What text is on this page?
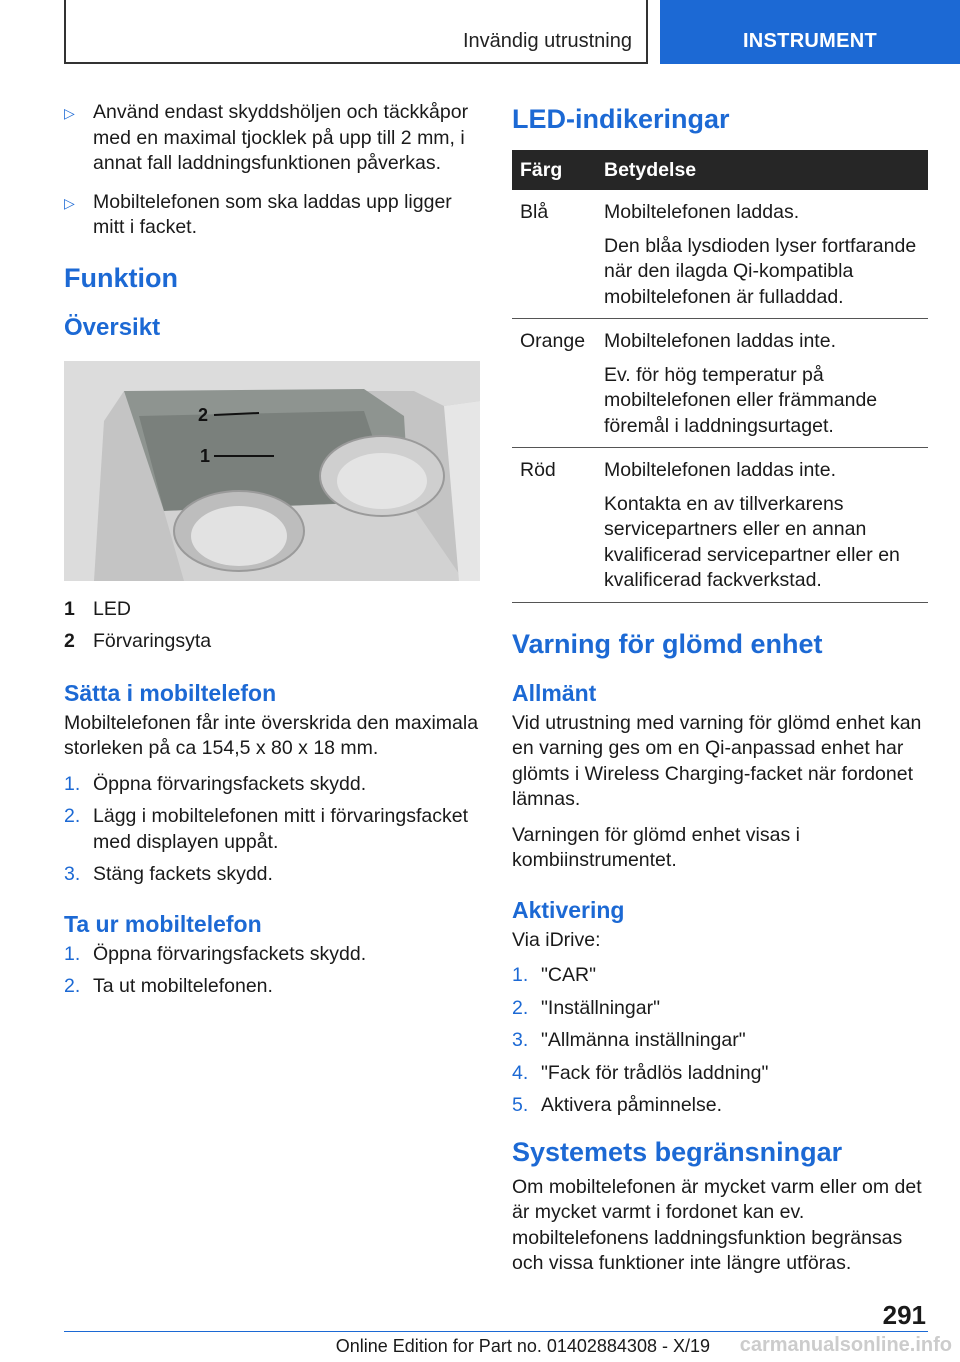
Invändig utrustning	INSTRUMENT
▷ Använd endast skyddshöljen och täckkåpor med en maximal tjocklek på upp till 2 mm, i annat fall laddningsfunktionen påverkas.
▷ Mobiltelefonen som ska laddas upp ligger mitt i facket.
Funktion
Översikt
2
1
1 LED
2 Förvaringsyta
Sätta i mobiltelefon

Mobiltelefonen får inte överskrida den maximala storleken på ca 154,5 x 80 x 18 mm.

1. Öppna förvaringsfackets skydd.
2. Lägg i mobiltelefonen mitt i förvaringsfacket med displayen uppåt.
3. Stäng fackets skydd.
Ta ur mobiltelefon
1. Öppna förvaringsfackets skydd.
2. Ta ut mobiltelefonen.
LED-indikeringar
Färg	Betydelse
Blå	Mobiltelefonen laddas.
Den blåa lysdioden lyser fortfarande när den ilagda Qi-kompatibla mobiltelefonen är fulladdad.

Orange	Mobiltelefonen laddas inte.
Ev. för hög temperatur på mobiltelefonen eller främmande föremål i laddningsurtaget.

Röd	Mobiltelefonen laddas inte.
Kontakta en av tillverkarens servicepartners eller en annan kvalificerad servicepartner eller en kvalificerad fackverkstad.
Varning för glömd enhet
Allmänt

Vid utrustning med varning för glömd enhet kan en varning ges om en Qi-anpassad enhet har glömts i Wireless Charging-facket när fordonet lämnas.

Varningen för glömd enhet visas i kombiinstrumentet.

Aktivering

Via iDrive:

1. "CAR"
2. "Inställningar"
3. "Allmänna inställningar"
4. "Fack för trådlös laddning"
5. Aktivera påminnelse.
Systemets begränsningar

Om mobiltelefonen är mycket varm eller om det är mycket varmt i fordonet kan ev. mobiltelefonens laddningsfunktion begränsas och vissa funktioner inte längre utföras.

291
Online Edition for Part no. 01402884308 - X/19 carmanualsonline.info
